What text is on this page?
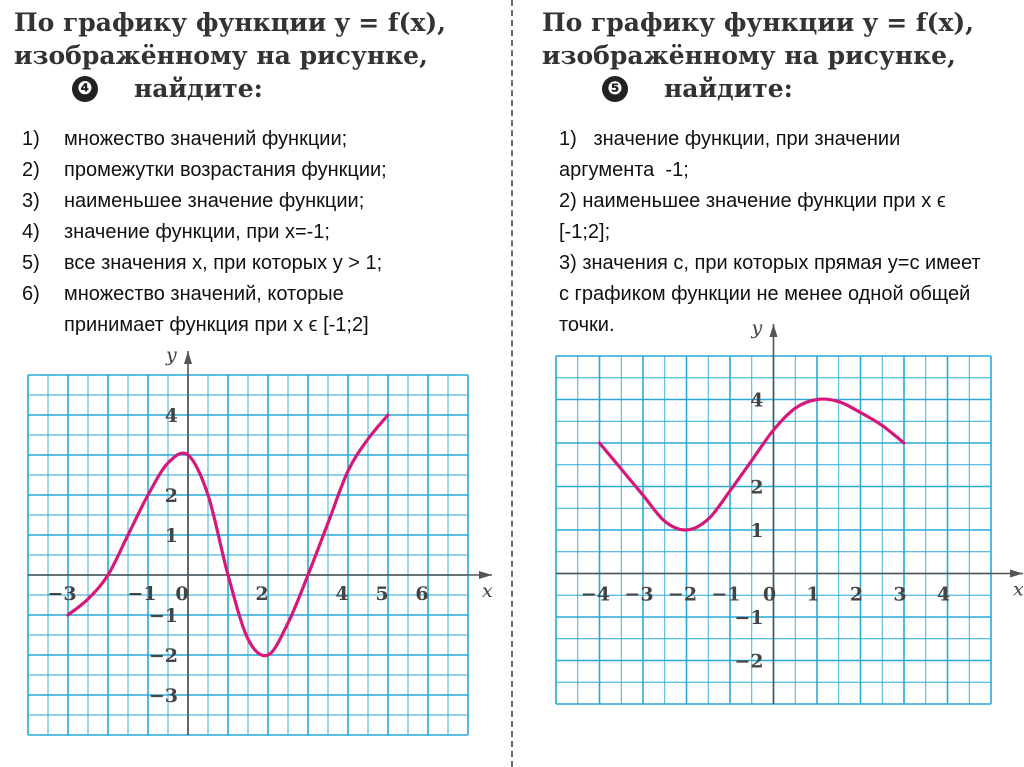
По графику функции y = f(x),
изображённому на рисунке,
❹ найдите:
1) множество значений функции;
2) промежутки возрастания функции;
3) наименьшее значение функции;
4) значение функции, при x=-1;
5) все значения x, при которых y > 1;
6) множество значений, которые принимает функция при x ϵ [-1;2]
x
y
−3	−1 0	2	4 5 6
4
2
1
−1
−2
−3
По графику функции y = f(x),
изображённому на рисунке,
❺ найдите:
1)   значение функции, при значении аргумента  -1;
2) наименьшее значение функции при x ϵ [-1;2];
3) значения с, при которых прямая y=c имеет с графиком функции не менее одной общей точки.
x
y
−4 −3 −2 −1 0 1 2 3 4
4
2
1
−1
−2
